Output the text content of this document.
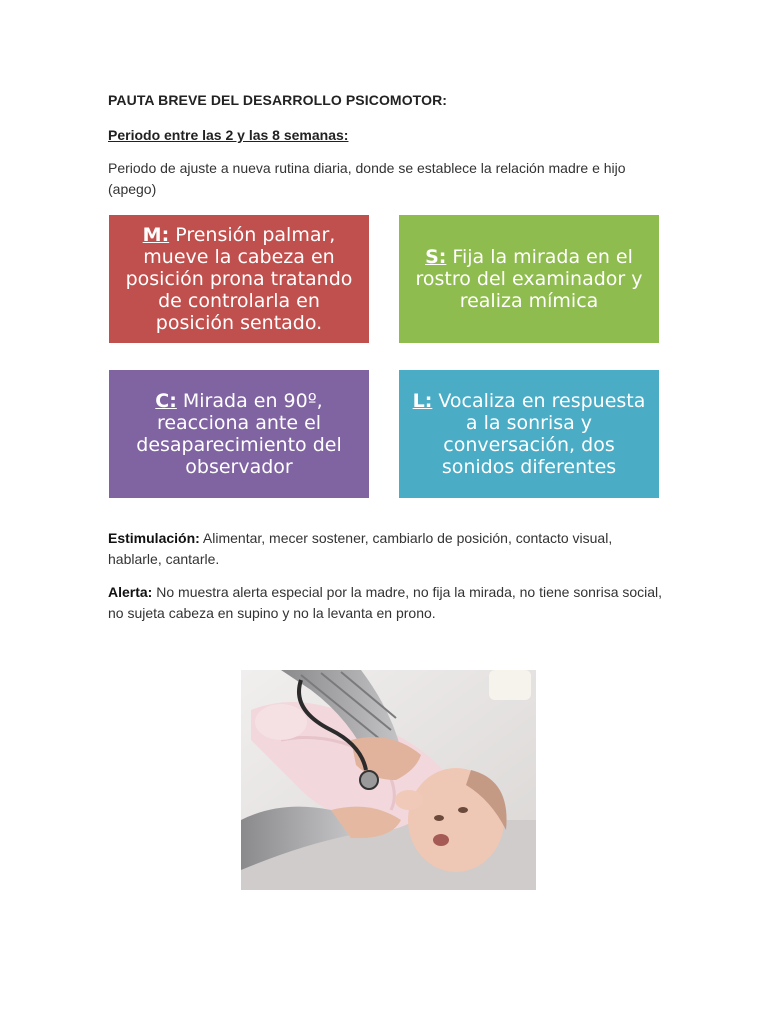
PAUTA BREVE DEL DESARROLLO PSICOMOTOR:
Periodo entre las 2 y las 8 semanas:
Periodo de ajuste a nueva rutina diaria, donde se establece la relación madre e hijo (apego)
M: Prensión palmar, mueve la cabeza en posición prona tratando de controlarla en posición sentado.
S: Fija la mirada en el rostro del examinador y realiza mímica
C: Mirada en 90º, reacciona ante el desaparecimiento del observador
L: Vocaliza en respuesta a la sonrisa y conversación, dos sonidos diferentes
Estimulación: Alimentar, mecer sostener, cambiarlo de posición, contacto visual, hablarle, cantarle.
Alerta: No muestra alerta especial por la madre, no fija la mirada, no tiene sonrisa social, no sujeta cabeza en supino y no la levanta en prono.
